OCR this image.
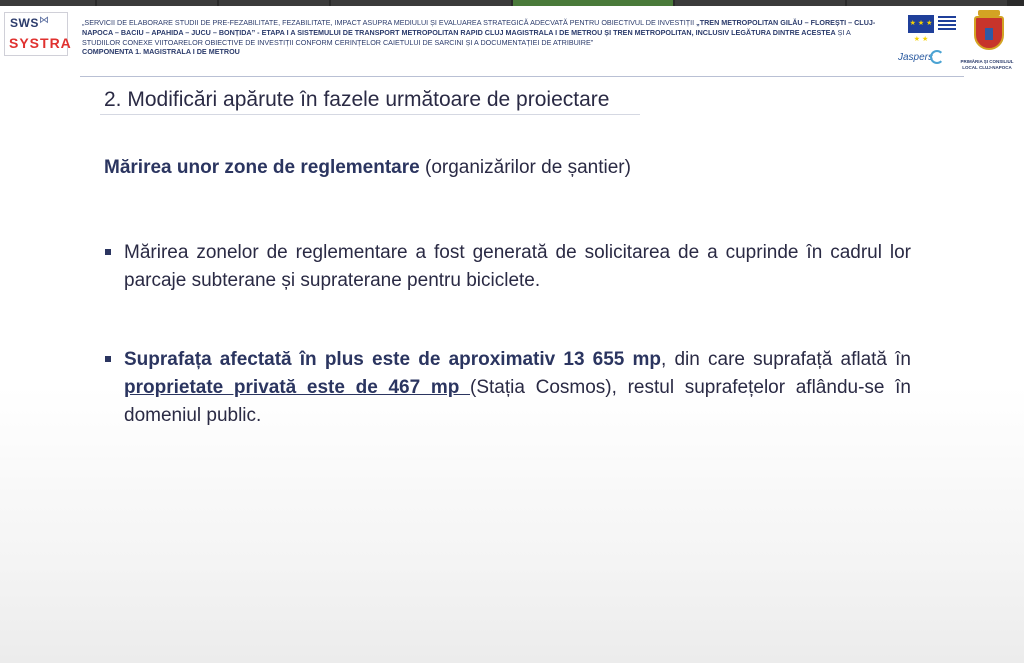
SWS ⋈
SYSTRA
„SERVICII DE ELABORARE STUDII DE PRE-FEZABILITATE, FEZABILITATE, IMPACT ASUPRA MEDIULUI ȘI EVALUAREA STRATEGICĂ ADECVATĂ PENTRU OBIECTIVUL DE INVESTIȚII „TREN METROPOLITAN GILĂU – FLOREȘTI – CLUJ-NAPOCA – BACIU – APAHIDA – JUCU – BONȚIDA” - ETAPA I A SISTEMULUI DE TRANSPORT METROPOLITAN RAPID CLUJ MAGISTRALA I DE METROU ȘI TREN METROPOLITAN, INCLUSIV LEGĂTURA DINTRE ACESTEA ȘI A STUDIILOR CONEXE VIITOARELOR OBIECTIVE DE INVESTIȚII CONFORM CERINȚELOR CAIETULUI DE SARCINI ȘI A DOCUMENTAȚIEI DE ATRIBUIRE”
COMPONENTA 1. MAGISTRALA I DE METROU
★ ★ ★ ★ ★
Jaspers	PRIMĂRIA ȘI CONSILIUL LOCAL CLUJ-NAPOCA
2. Modificări apărute în fazele următoare de proiectare
Mărirea unor zone de reglementare (organizărilor de șantier)
Mărirea zonelor de reglementare a fost generată de solicitarea de a cuprinde în cadrul lor parcaje subterane și supraterane pentru biciclete.
Suprafața afectată în plus este de aproximativ 13 655 mp, din care suprafață aflată în proprietate privată este de 467 mp (Stația Cosmos), restul suprafețelor aflându-se în domeniul public.
